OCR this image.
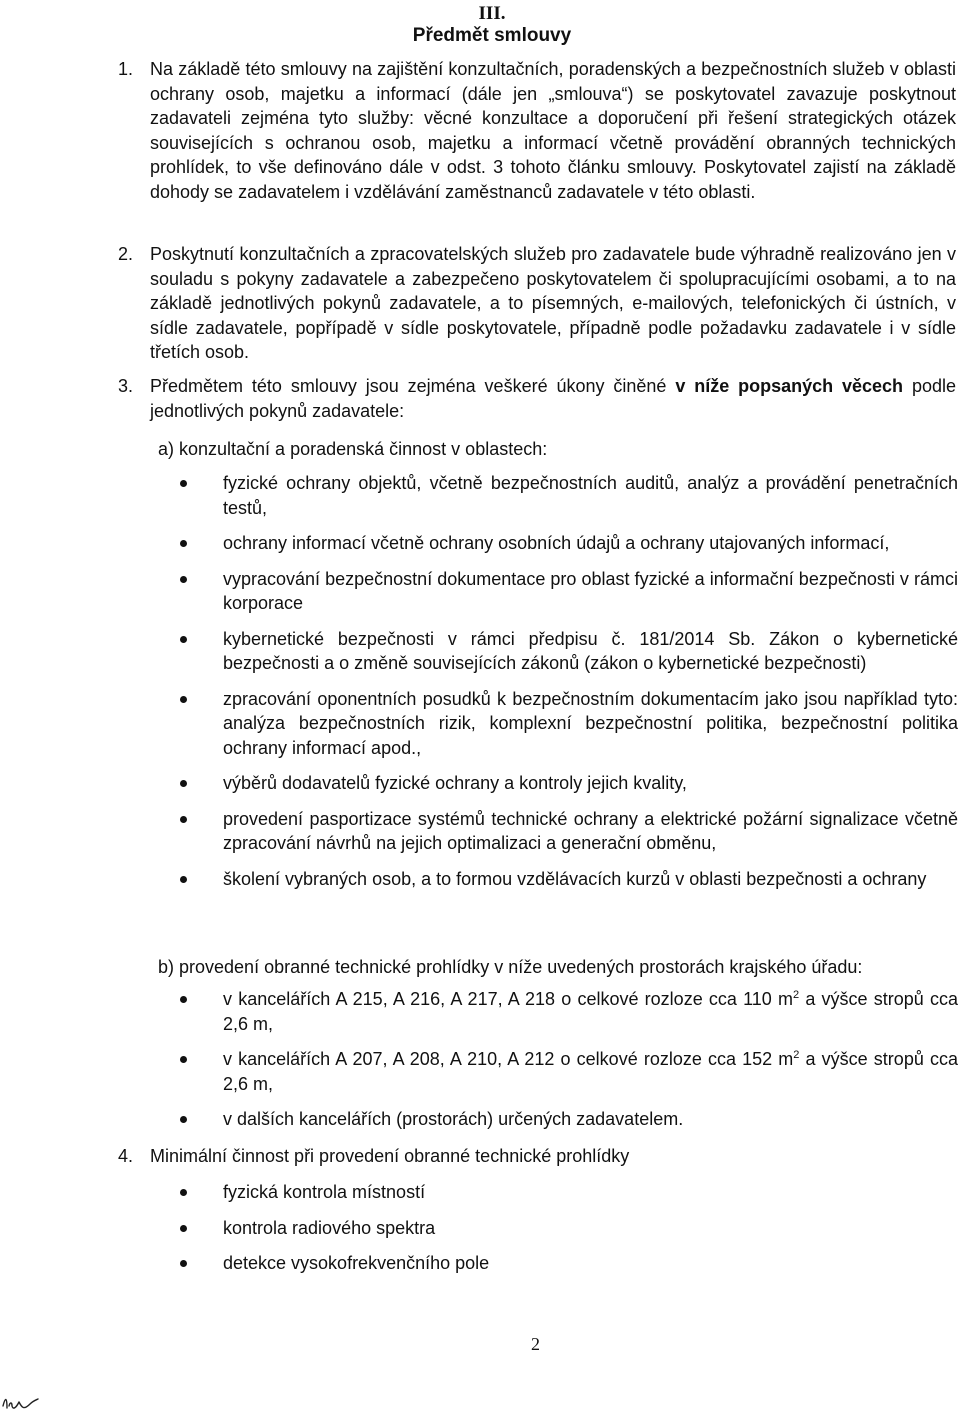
III.
Předmět smlouvy
1. Na základě této smlouvy na zajištění konzultačních, poradenských a bezpečnostních služeb v oblasti ochrany osob, majetku a informací (dále jen „smlouva“) se poskytovatel zavazuje poskytnout zadavateli zejména tyto služby: věcné konzultace a doporučení při řešení strategických otázek souvisejících s ochranou osob, majetku a informací včetně provádění obranných technických prohlídek, to vše definováno dále v odst. 3 tohoto článku smlouvy. Poskytovatel zajistí na základě dohody se zadavatelem i vzdělávání zaměstnanců zadavatele v této oblasti.
2. Poskytnutí konzultačních a zpracovatelských služeb pro zadavatele bude výhradně realizováno jen v souladu s pokyny zadavatele a zabezpečeno poskytovatelem či spolupracujícími osobami, a to na základě jednotlivých pokynů zadavatele, a to písemných, e-mailových, telefonických či ústních, v sídle zadavatele, popřípadě v sídle poskytovatele, případně podle požadavku zadavatele i v sídle třetích osob.
3. Předmětem této smlouvy jsou zejména veškeré úkony činěné v níže popsaných věcech podle jednotlivých pokynů zadavatele:
a) konzultační a poradenská činnost v oblastech:
fyzické ochrany objektů, včetně bezpečnostních auditů, analýz a provádění penetračních testů,
ochrany informací včetně ochrany osobních údajů a ochrany utajovaných informací,
vypracování bezpečnostní dokumentace pro oblast fyzické a informační bezpečnosti v rámci korporace
kybernetické bezpečnosti v rámci předpisu č. 181/2014 Sb. Zákon o kybernetické bezpečnosti a o změně souvisejících zákonů (zákon o kybernetické bezpečnosti)
zpracování oponentních posudků k bezpečnostním dokumentacím jako jsou například tyto: analýza bezpečnostních rizik, komplexní bezpečnostní politika, bezpečnostní politika ochrany informací apod.,
výběrů dodavatelů fyzické ochrany a kontroly jejich kvality,
provedení pasportizace systémů technické ochrany a elektrické požární signalizace včetně zpracování návrhů na jejich optimalizaci a generační obměnu,
školení vybraných osob, a to formou vzdělávacích kurzů v oblasti bezpečnosti a ochrany
b) provedení obranné technické prohlídky v níže uvedených prostorách krajského úřadu:
v kancelářích A 215, A 216, A 217, A 218 o celkové rozloze cca 110 $m^2$ a výšce stropů cca 2,6 m,
v kancelářích A 207, A 208, A 210, A 212 o celkové rozloze cca 152 $m^2$ a výšce stropů cca 2,6 m,
v dalších kancelářích (prostorách) určených zadavatelem.
4. Minimální činnost při provedení obranné technické prohlídky
fyzická kontrola místností
kontrola radiového spektra
detekce vysokofrekvenčního pole
2
